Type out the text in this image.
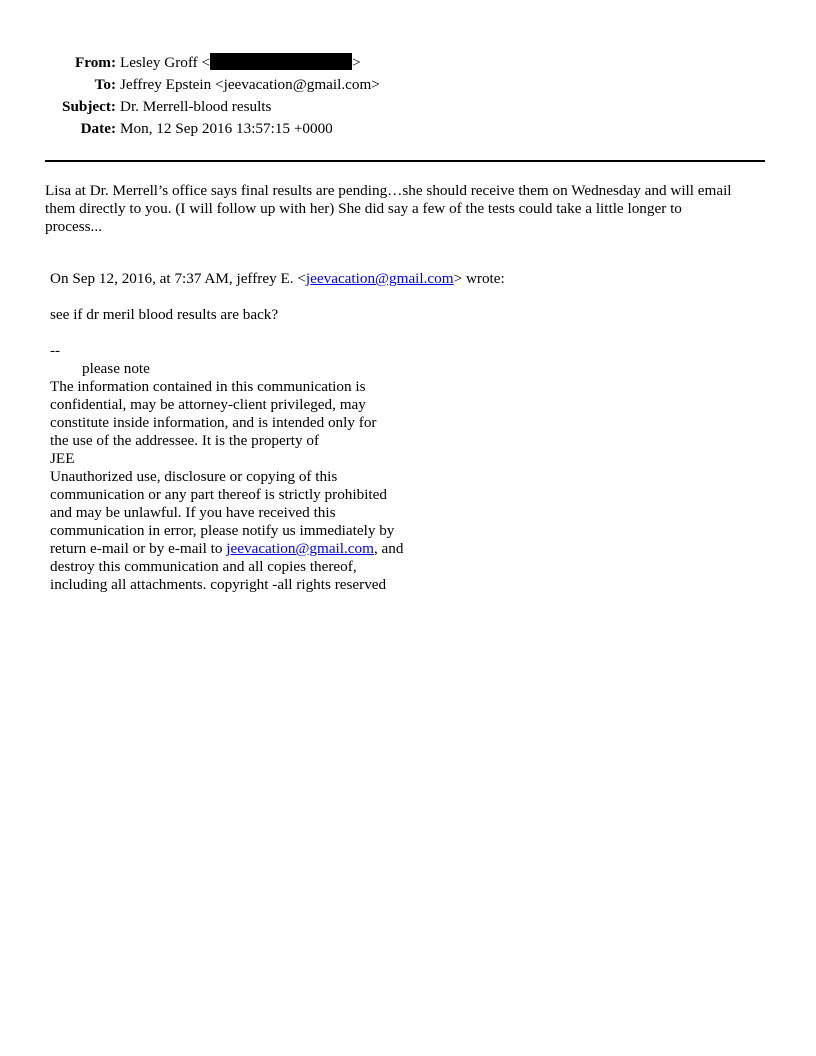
From: Lesley Groff <	>
To: Jeffrey Epstein <jeevacation@gmail.com>
Subject: Dr. Merrell-blood results
Date: Mon, 12 Sep 2016 13:57:15 +0000
Lisa at Dr. Merrell’s office says final results are pending…she should receive them on Wednesday and will email
them directly to you. (I will follow up with her) She did say a few of the tests could take a little longer to
process...

On Sep 12, 2016, at 7:37 AM, jeffrey E. <jeevacation@gmail.com> wrote:

see if dr meril blood results are back?

--

please note

The information contained in this communication is

confidential, may be attorney-client privileged, may

constitute inside information, and is intended only for

the use of the addressee. It is the property of

JEE

Unauthorized use, disclosure or copying of this

communication or any part thereof is strictly prohibited

and may be unlawful. If you have received this

communication in error, please notify us immediately by

return e-mail or by e-mail to jeevacation@gmail.com, and

destroy this communication and all copies thereof,

including all attachments. copyright -all rights reserved
